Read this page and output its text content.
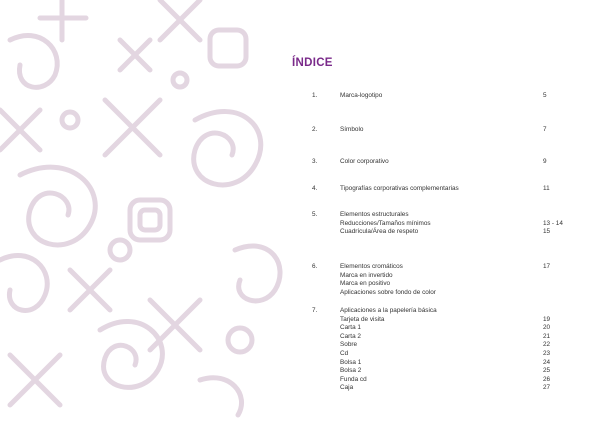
ÍNDICE
1.	Marca-logotipo	5
2.	Símbolo	7
3.	Color corporativo	9
4.	Tipografías corporativas complementarias	11
5.	Elementos estructurales
Reducciones/Tamaños mínimos	13 - 14
Cuadrícula/Área de respeto	15
6.	Elementos cromáticos	17
Marca en invertido
Marca en positivo
Aplicaciones sobre fondo de color
7.	Aplicaciones a la papelería básica
Tarjeta de visita	19
Carta 1	20
Carta 2	21
Sobre	22
Cd	23
Bolsa 1	24
Bolsa 2	25
Funda cd	26
Caja	27
